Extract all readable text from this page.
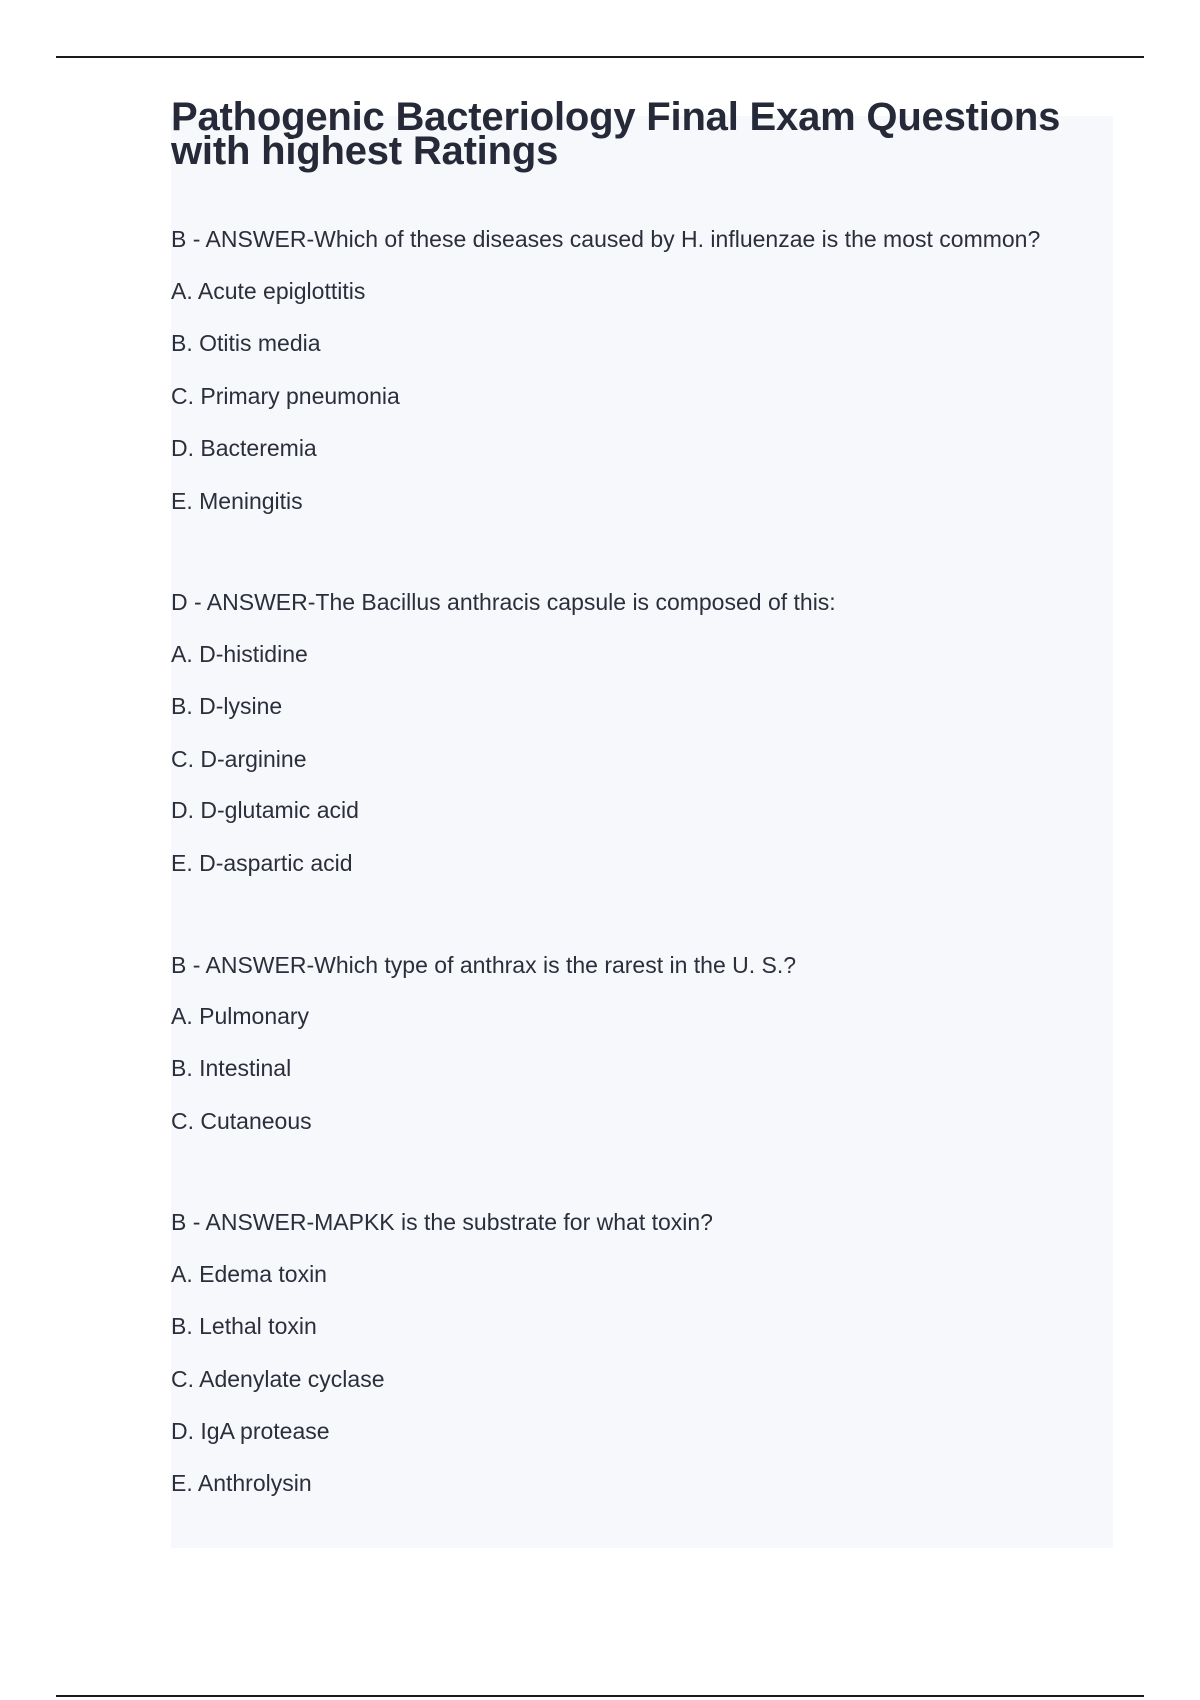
Pathogenic Bacteriology Final Exam Questions
with highest Ratings
B - ANSWER-Which of these diseases caused by H. influenzae is the most common?
A. Acute epiglottitis
B. Otitis media
C. Primary pneumonia
D. Bacteremia
E. Meningitis
D - ANSWER-The Bacillus anthracis capsule is composed of this:
A. D-histidine
B. D-lysine
C. D-arginine
D. D-glutamic acid
E. D-aspartic acid
B - ANSWER-Which type of anthrax is the rarest in the U. S.?
A. Pulmonary
B. Intestinal
C. Cutaneous
B - ANSWER-MAPKK is the substrate for what toxin?
A. Edema toxin
B. Lethal toxin
C. Adenylate cyclase
D. IgA protease
E. Anthrolysin
